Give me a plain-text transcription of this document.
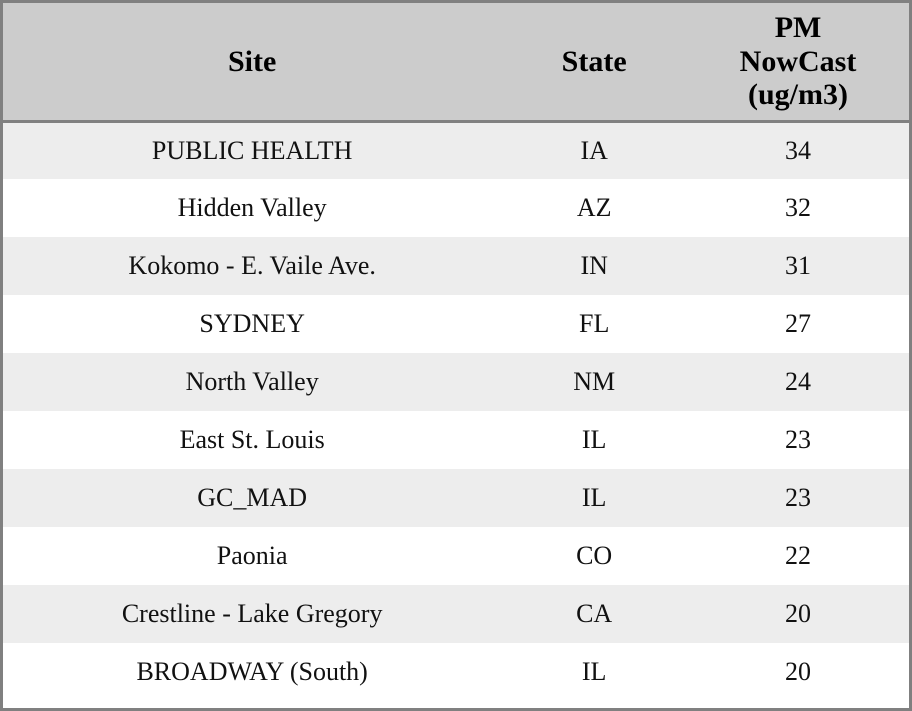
Site	State	PM
NowCast
(ug/m3)
PUBLIC HEALTH	IA	34
Hidden Valley	AZ	32
Kokomo - E. Vaile Ave.	IN	31
SYDNEY	FL	27
North Valley	NM	24
East St. Louis	IL	23
GC_MAD	IL	23
Paonia	CO	22
Crestline - Lake Gregory	CA	20
BROADWAY (South)	IL	20
